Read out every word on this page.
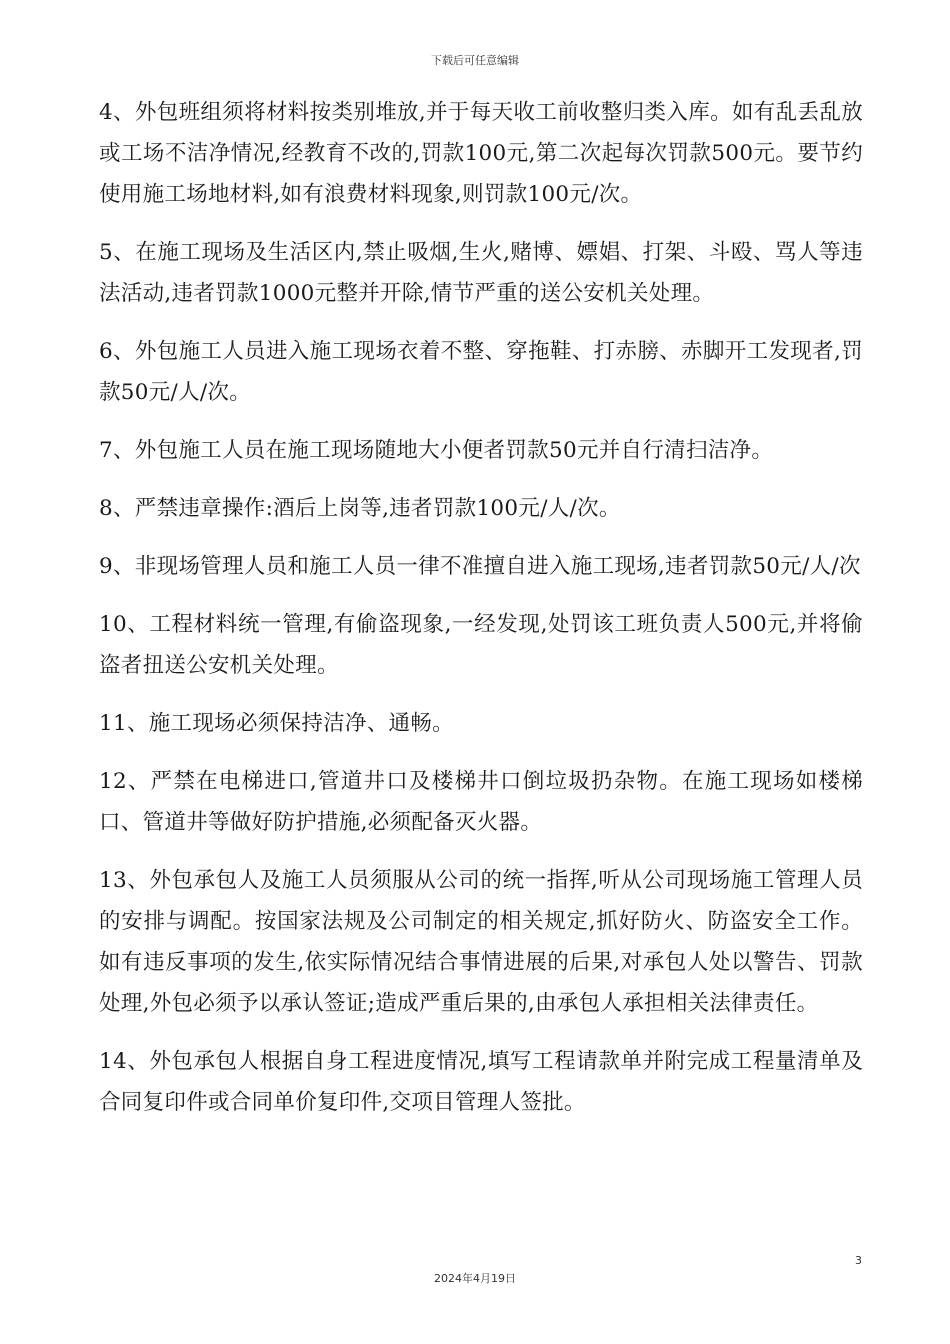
下载后可任意编辑

4、外包班组须将材料按类别堆放,并于每天收工前收整归类入库。如有乱丢乱放或工场不洁净情况,经教育不改的,罚款100元,第二次起每次罚款500元。要节约使用施工场地材料,如有浪费材料现象,则罚款100元/次。

5、在施工现场及生活区内,禁止吸烟,生火,赌博、嫖娼、打架、斗殴、骂人等违法活动,违者罚款1000元整并开除,情节严重的送公安机关处理。

6、外包施工人员进入施工现场衣着不整、穿拖鞋、打赤膀、赤脚开工发现者,罚款50元/人/次。

7、外包施工人员在施工现场随地大小便者罚款50元并自行清扫洁净。

8、严禁违章操作:酒后上岗等,违者罚款100元/人/次。

9、非现场管理人员和施工人员一律不准擅自进入施工现场,违者罚款50元/人/次

10、工程材料统一管理,有偷盗现象,一经发现,处罚该工班负责人500元,并将偷盗者扭送公安机关处理。

11、施工现场必须保持洁净、通畅。

12、严禁在电梯进口,管道井口及楼梯井口倒垃圾扔杂物。在施工现场如楼梯口、管道井等做好防护措施,必须配备灭火器。

13、外包承包人及施工人员须服从公司的统一指挥,听从公司现场施工管理人员的安排与调配。按国家法规及公司制定的相关规定,抓好防火、防盗安全工作。如有违反事项的发生,依实际情况结合事情进展的后果,对承包人处以警告、罚款处理,外包必须予以承认签证;造成严重后果的,由承包人承担相关法律责任。

14、外包承包人根据自身工程进度情况,填写工程请款单并附完成工程量清单及合同复印件或合同单价复印件,交项目管理人签批。

3
2024年4月19日
